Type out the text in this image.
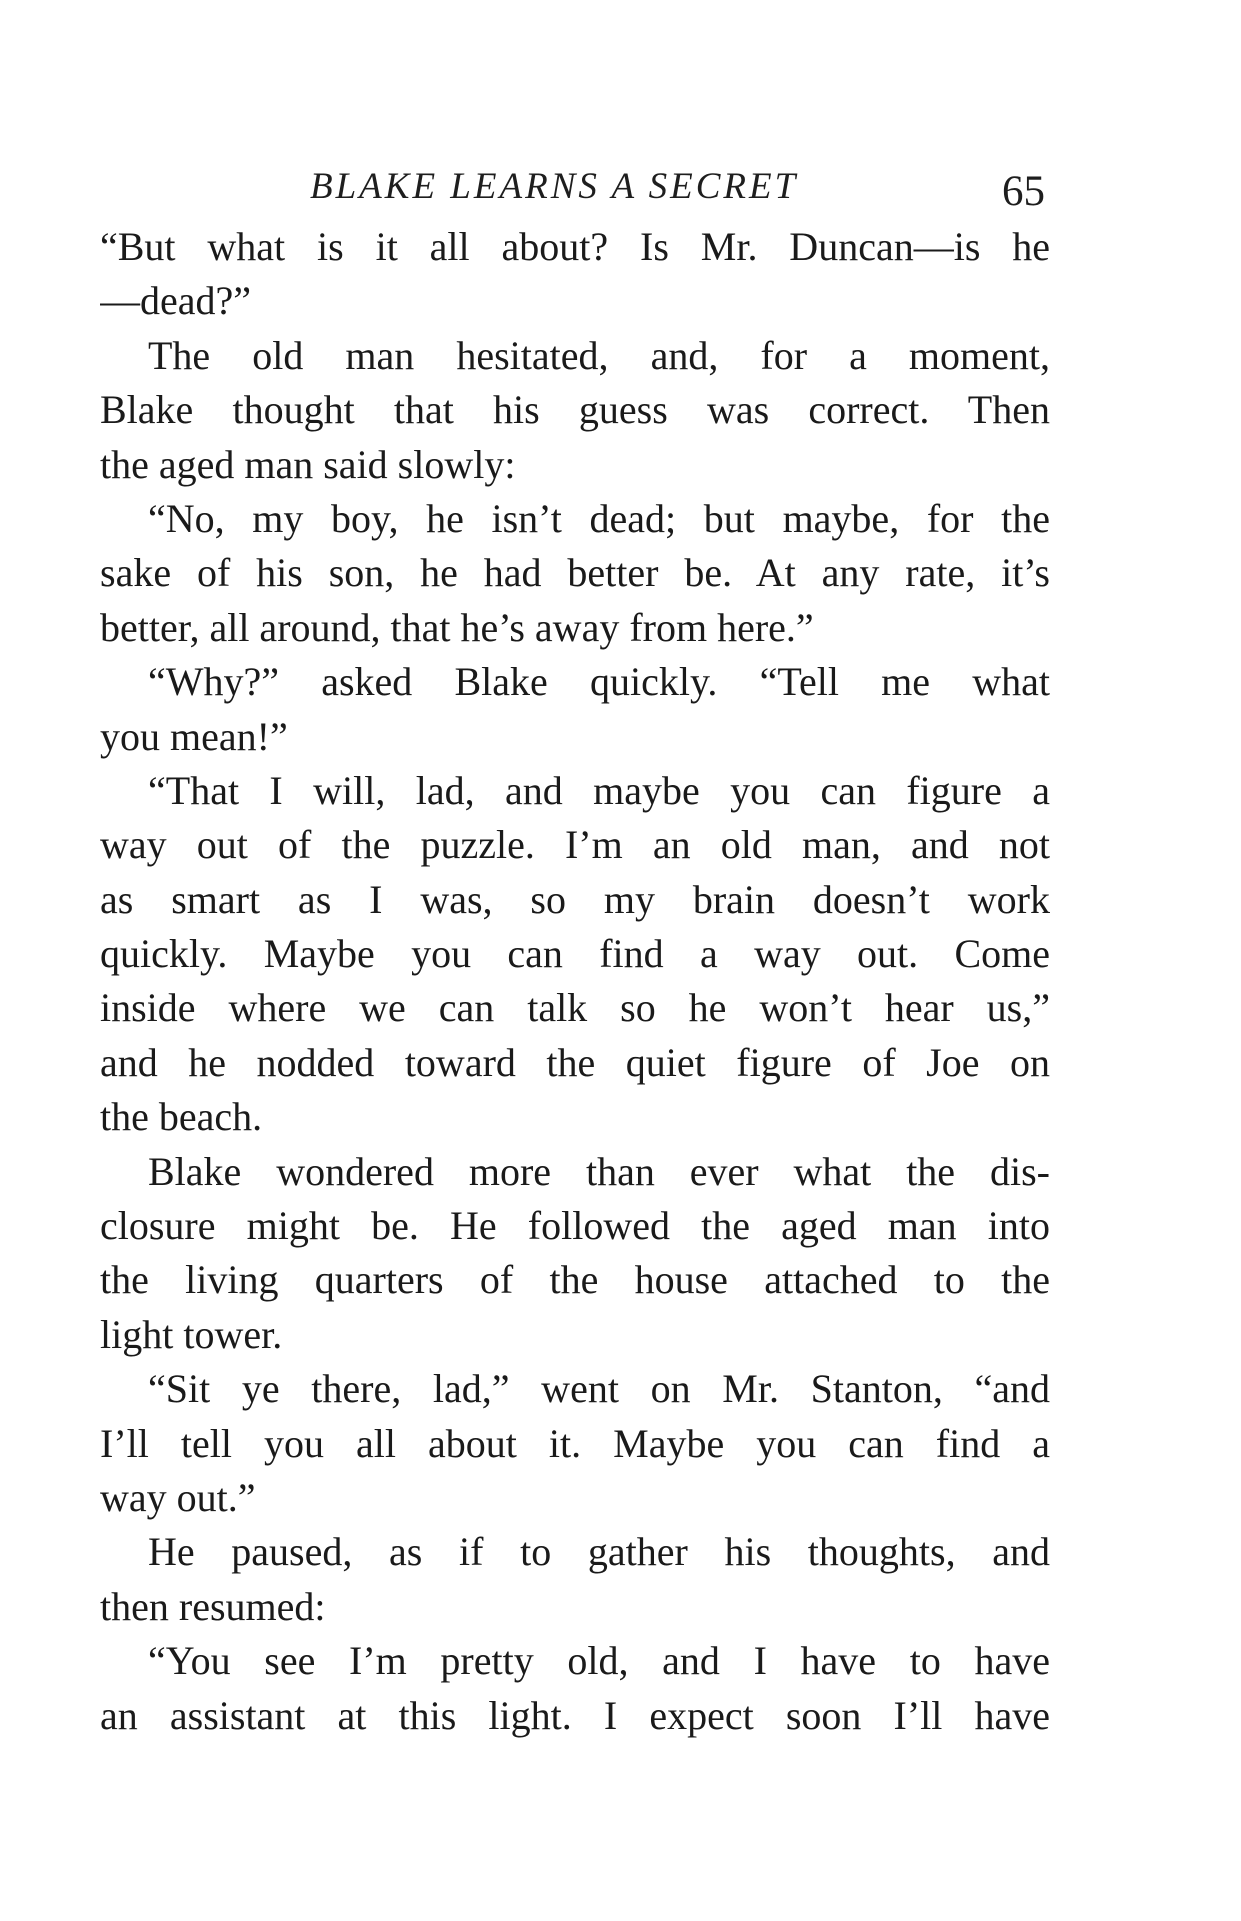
BLAKE LEARNS A SECRET	65
“But what is it all about? Is Mr. Duncan—is he
—dead?”
The old man hesitated, and, for a moment,
Blake thought that his guess was correct. Then
the aged man said slowly:
“No, my boy, he isn’t dead; but maybe, for the
sake of his son, he had better be. At any rate, it’s
better, all around, that he’s away from here.”
“Why?” asked Blake quickly. “Tell me what
you mean!”
“That I will, lad, and maybe you can figure a
way out of the puzzle. I’m an old man, and not
as smart as I was, so my brain doesn’t work
quickly. Maybe you can find a way out. Come
inside where we can talk so he won’t hear us,”
and he nodded toward the quiet figure of Joe on
the beach.
Blake wondered more than ever what the dis-
closure might be. He followed the aged man into
the living quarters of the house attached to the
light tower.
“Sit ye there, lad,” went on Mr. Stanton, “and
I’ll tell you all about it. Maybe you can find a
way out.”
He paused, as if to gather his thoughts, and
then resumed:
“You see I’m pretty old, and I have to have
an assistant at this light. I expect soon I’ll have
